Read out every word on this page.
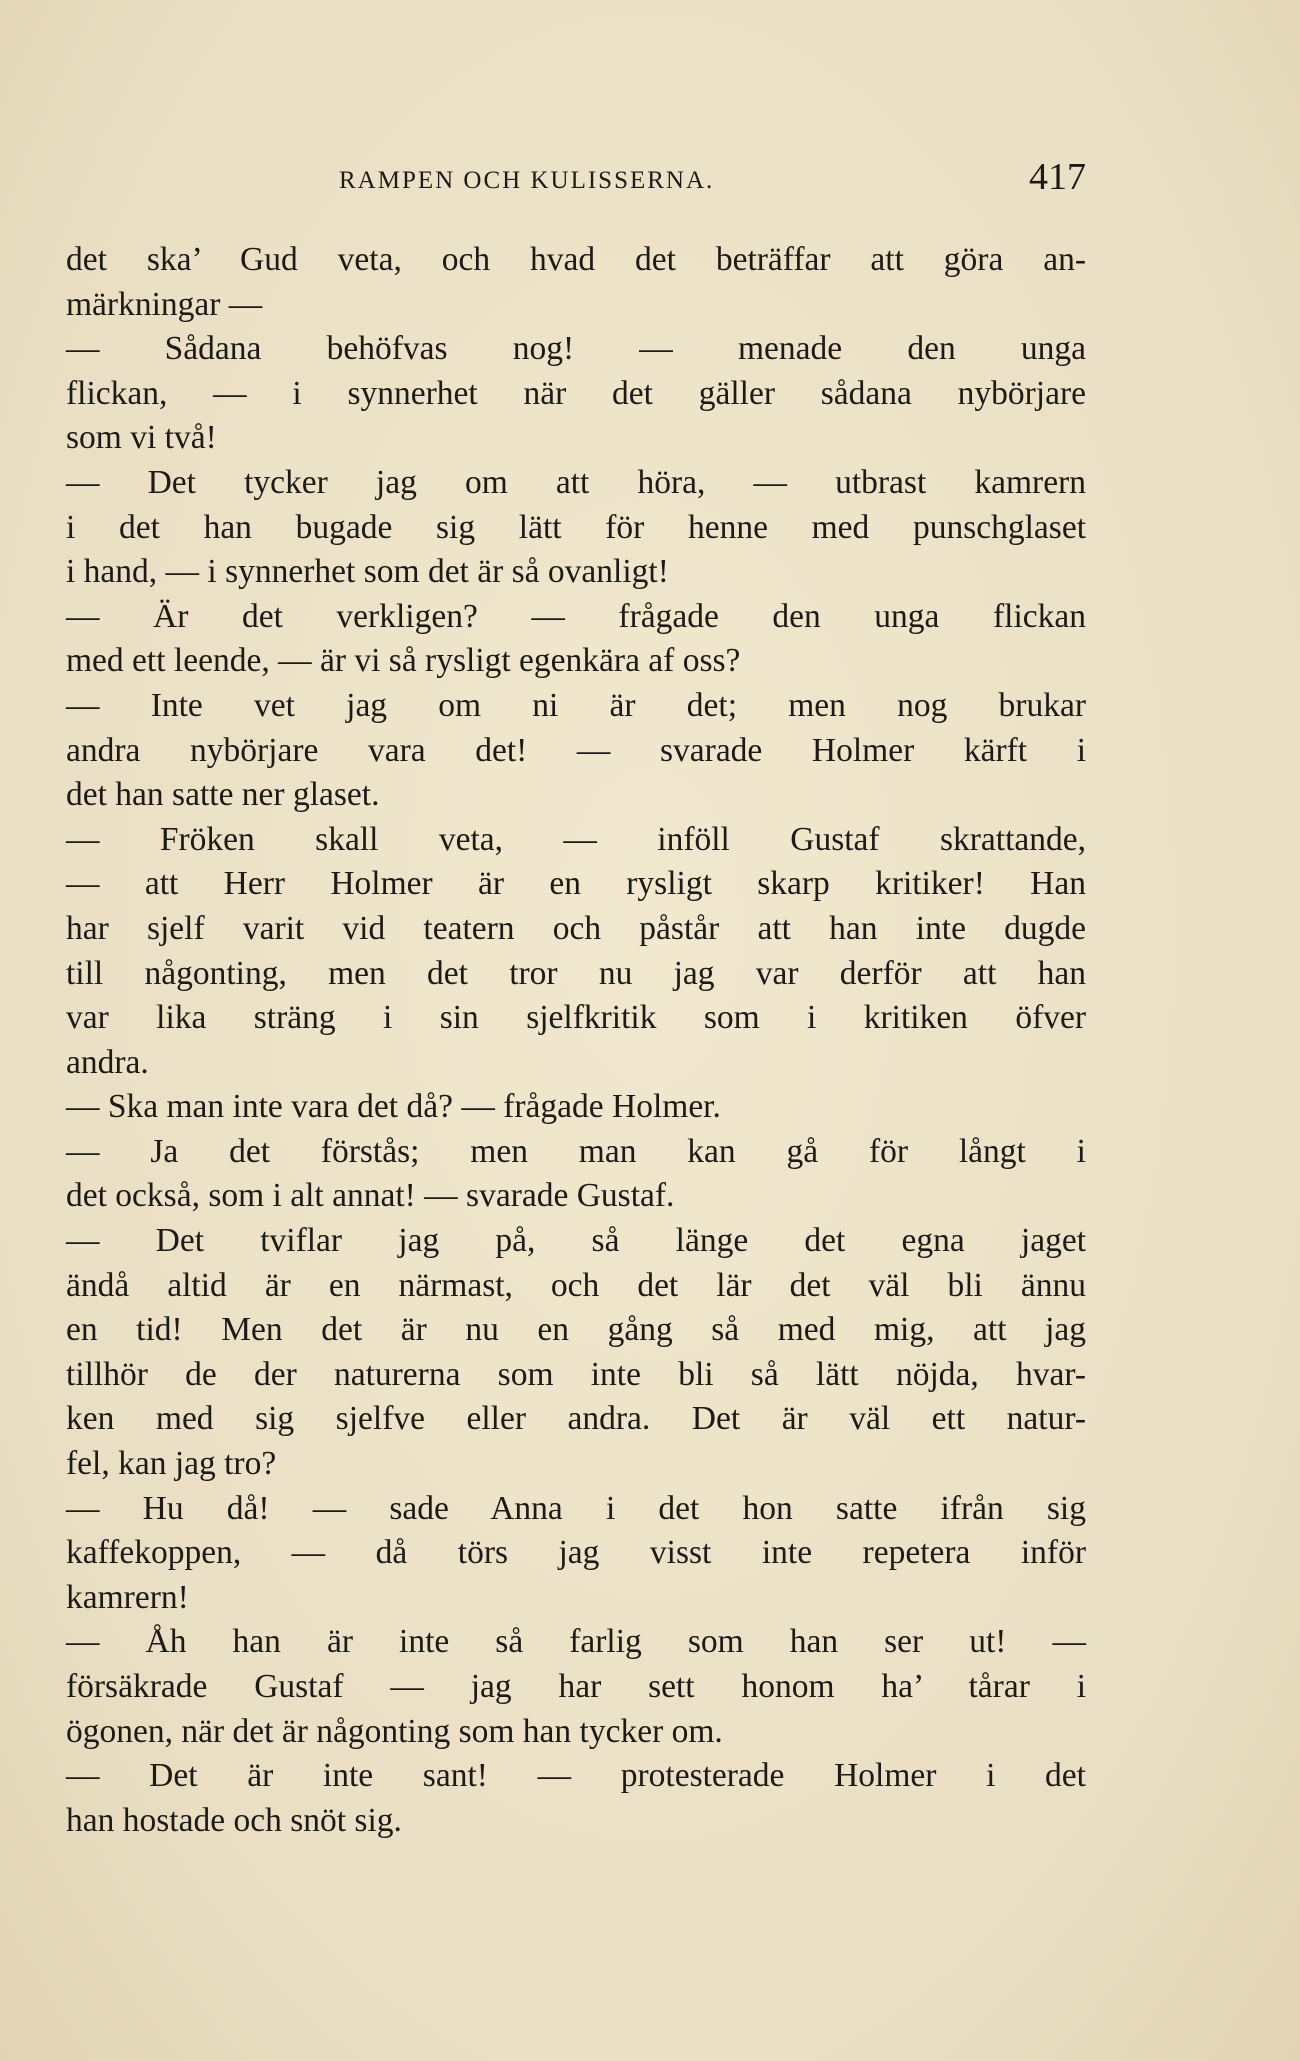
RAMPEN OCH KULISSERNA.	417
det ska’ Gud veta, och hvad det beträffar att göra an-
märkningar —
— Sådana behöfvas nog! — menade den unga
flickan, — i synnerhet när det gäller sådana nybörjare
som vi två!
— Det tycker jag om att höra, — utbrast kamrern
i det han bugade sig lätt för henne med punschglaset
i hand, — i synnerhet som det är så ovanligt!
— Är det verkligen? — frågade den unga flickan
med ett leende, — är vi så rysligt egenkära af oss?
— Inte vet jag om ni är det; men nog brukar
andra nybörjare vara det! — svarade Holmer kärft i
det han satte ner glaset.
— Fröken skall veta, — inföll Gustaf skrattande,
— att Herr Holmer är en rysligt skarp kritiker! Han
har sjelf varit vid teatern och påstår att han inte dugde
till någonting, men det tror nu jag var derför att han
var lika sträng i sin sjelfkritik som i kritiken öfver
andra.
— Ska man inte vara det då? — frågade Holmer.
— Ja det förstås; men man kan gå för långt i
det också, som i alt annat! — svarade Gustaf.
— Det tviflar jag på, så länge det egna jaget
ändå altid är en närmast, och det lär det väl bli ännu
en tid! Men det är nu en gång så med mig, att jag
tillhör de der naturerna som inte bli så lätt nöjda, hvar-
ken med sig sjelfve eller andra. Det är väl ett natur-
fel, kan jag tro?
— Hu då! — sade Anna i det hon satte ifrån sig
kaffekoppen, — då törs jag visst inte repetera inför
kamrern!
— Åh han är inte så farlig som han ser ut! —
försäkrade Gustaf — jag har sett honom ha’ tårar i
ögonen, när det är någonting som han tycker om.
— Det är inte sant! — protesterade Holmer i det
han hostade och snöt sig.
